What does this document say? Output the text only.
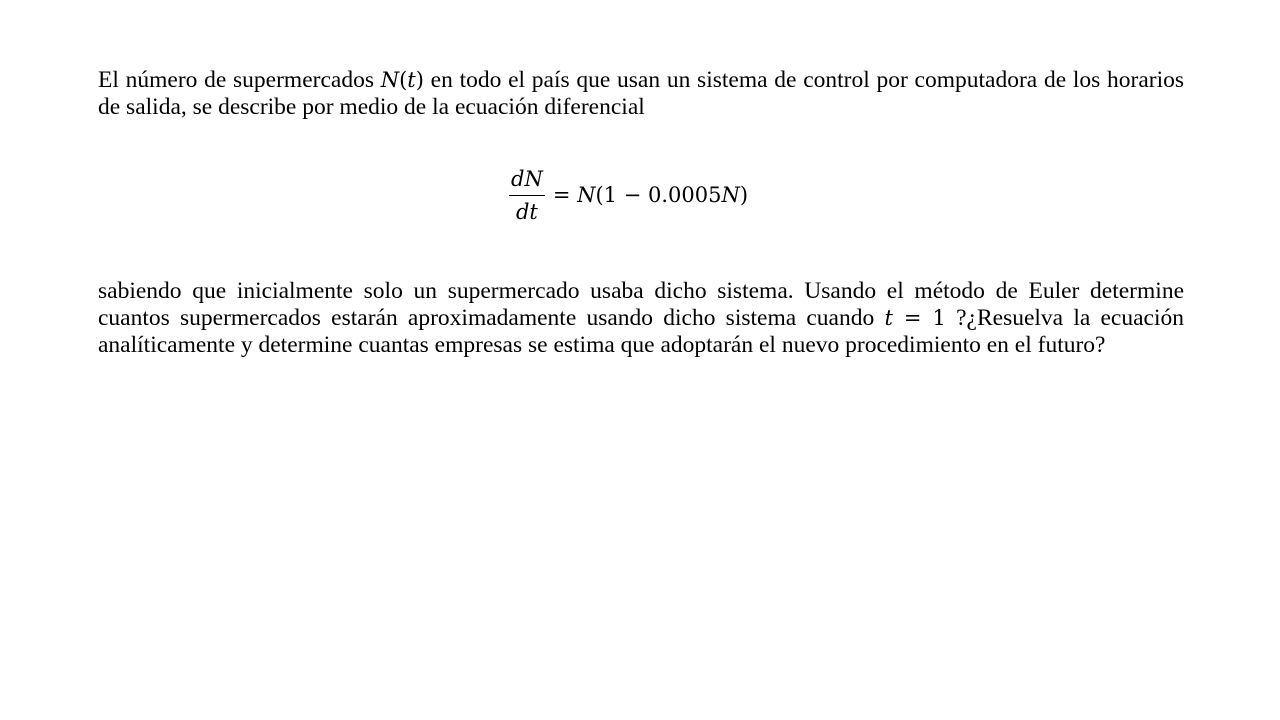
El número de supermercados N(t) en todo el país que usan un sistema de control por computadora de los horarios de salida, se describe por medio de la ecuación diferencial

$\frac{dN}{dt} = N(1 - 0.0005N)$

sabiendo que inicialmente solo un supermercado usaba dicho sistema. Usando el método de Euler determine cuantos supermercados estarán aproximadamente usando dicho sistema cuando t = 1 ?¿Resuelva la ecuación analíticamente y determine cuantas empresas se estima que adoptarán el nuevo procedimiento en el futuro?
